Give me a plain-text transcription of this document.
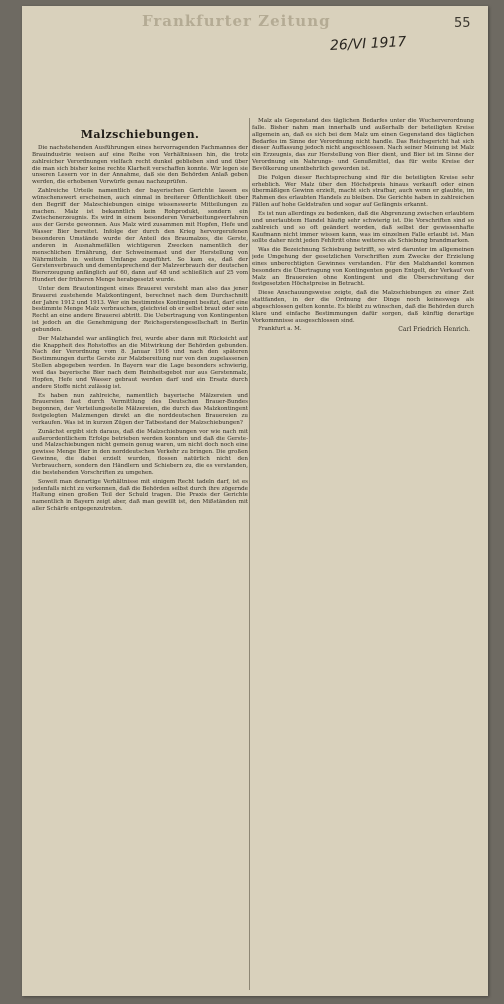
Frankfurter Zeitung
26/VI 1917
55
Malzschiebungen.

Die nachstehenden Ausführungen eines hervorragenden Fachmannes der Brauindustrie weisen auf eine Reihe von Verhältnissen hin, die trotz zahlreicher Verordnungen vielfach recht dunkel geblieben sind und über die man sich bisher keine rechte Klarheit verschaffen konnte. Wir legen sie unseren Lesern vor in der Annahme, daß sie den Behörden Anlaß geben werden, die erhobenen Vorwürfe genau nachzuprüfen.

Zahlreiche Urteile namentlich der bayerischen Gerichte lassen es wünschenswert erscheinen, auch einmal in breiterer Öffentlichkeit über den Begriff der Malzschiebungen einige wissenswerte Mitteilungen zu machen. Malz ist bekanntlich kein Rohprodukt, sondern ein Zwischenerzeugnis. Es wird in einem besonderen Verarbeitungsverfahren aus der Gerste gewonnen. Aus Malz wird zusammen mit Hopfen, Hefe und Wasser Bier bereitet. Infolge der durch den Krieg hervorgerufenen besonderen Umstände wurde der Anteil des Braumalzes, die Gerste, anderen in Ausnahmefällen wichtigeren Zwecken namentlich der menschlichen Ernährung, der Schweinemast und der Herstellung von Nährmitteln in weitem Umfange zugeführt. So kam es, daß der Gerstenverbrauch und dementsprechend der Malzverbrauch der deutschen Biererzeugung anfänglich auf 60, dann auf 48 und schließlich auf 25 vom Hundert der früheren Menge herabgesetzt wurde.

Unter dem Brautontingent eines Brauerei versteht man also das jener Brauerei zustehende Malzkontingent, berechnet nach dem Durchschnitt der Jahre 1912 und 1913. Wer ein bestimmtes Kontingent besitzt, darf eine bestimmte Menge Malz verbrauchen, gleichviel ob er selbst braut oder sein Recht an eine andere Brauerei abtritt. Die Uebertragung von Kontingenten ist jedoch an die Genehmigung der Reichsgerstengesellschaft in Berlin gebunden.

Der Malzhandel war anfänglich frei, wurde aber dann mit Rücksicht auf die Knappheit des Rohstoffes an die Mitwirkung der Behörden gebunden. Nach der Verordnung vom 8. Januar 1916 und nach den späteren Bestimmungen durfte Gerste zur Malzbereitung nur von den zugelassenen Stellen abgegeben werden. In Bayern war die Lage besonders schwierig, weil das bayerische Bier nach dem Reinheitsgebot nur aus Gerstenmalz, Hopfen, Hefe und Wasser gebraut werden darf und ein Ersatz durch andere Stoffe nicht zulässig ist.

Es haben nun zahlreiche, namentlich bayerische Mälzereien und Brauereien fast durch Vermittlung des Deutschen Brauer-Bundes begonnen, der Verteilungsstelle Mälzereien, die durch das Malzkontingent festgelegten Malzmengen direkt an die norddeutschen Brauereien zu verkaufen. Was ist in kurzen Zügen der Tatbestand der Malzschiebungen?

Zunächst ergibt sich daraus, daß die Malzschiebungen vor wie nach mit außerordentlichem Erfolge betrieben werden konnten und daß die Gerste- und Malzschiebungen nicht gemein genug waren, um nicht doch noch eine gewisse Menge Bier in den norddeutschen Verkehr zu bringen. Die großen Gewinne, die dabei erzielt wurden, flossen natürlich nicht den Verbrauchern, sondern den Händlern und Schiebern zu, die es verstanden, die bestehenden Vorschriften zu umgehen.

Soweit man derartige Verhältnisse mit einigem Recht tadeln darf, ist es jedenfalls nicht zu verkennen, daß die Behörden selbst durch ihre zögernde Haltung einen großen Teil der Schuld tragen. Die Praxis der Gerichte namentlich in Bayern zeigt aber, daß man gewillt ist, den Mißständen mit aller Schärfe entgegenzutreten.

Malz als Gegenstand des täglichen Bedarfes unter die Wucherverordnung falle. Bisher nahm man innerhalb und außerhalb der beteiligten Kreise allgemein an, daß es sich bei dem Malz um einen Gegenstand des täglichen Bedarfes im Sinne der Verordnung nicht handle. Das Reichsgericht hat sich dieser Auffassung jedoch nicht angeschlossen. Nach seiner Meinung ist Malz ein Erzeugnis, das zur Herstellung von Bier dient, und Bier ist im Sinne der Verordnung ein Nahrungs- und Genußmittel, das für weite Kreise der Bevölkerung unentbehrlich geworden ist.

Die Folgen dieser Rechtsprechung sind für die beteiligten Kreise sehr erheblich. Wer Malz über den Höchstpreis hinaus verkauft oder einen übermäßigen Gewinn erzielt, macht sich strafbar, auch wenn er glaubte, im Rahmen des erlaubten Handels zu bleiben. Die Gerichte haben in zahlreichen Fällen auf hohe Geldstrafen und sogar auf Gefängnis erkannt.

Es ist nun allerdings zu bedenken, daß die Abgrenzung zwischen erlaubtem und unerlaubtem Handel häufig sehr schwierig ist. Die Vorschriften sind so zahlreich und so oft geändert worden, daß selbst der gewissenhafte Kaufmann nicht immer wissen kann, was im einzelnen Falle erlaubt ist. Man sollte daher nicht jeden Fehltritt ohne weiteres als Schiebung brandmarken.

Was die Bezeichnung Schiebung betrifft, so wird darunter im allgemeinen jede Umgehung der gesetzlichen Vorschriften zum Zwecke der Erzielung eines unberechtigten Gewinnes verstanden. Für den Malzhandel kommen besonders die Übertragung von Kontingenten gegen Entgelt, der Verkauf von Malz an Brauereien ohne Kontingent und die Überschreitung der festgesetzten Höchstpreise in Betracht.

Diese Anschauungsweise zeigte, daß die Malzschiebungen zu einer Zeit stattfanden, in der die Ordnung der Dinge noch keineswegs als abgeschlossen gelten konnte. Es bleibt zu wünschen, daß die Behörden durch klare und einfache Bestimmungen dafür sorgen, daß künftig derartige Vorkommnisse ausgeschlossen sind.

Frankfurt a. M.	Carl Friedrich Henrich.
